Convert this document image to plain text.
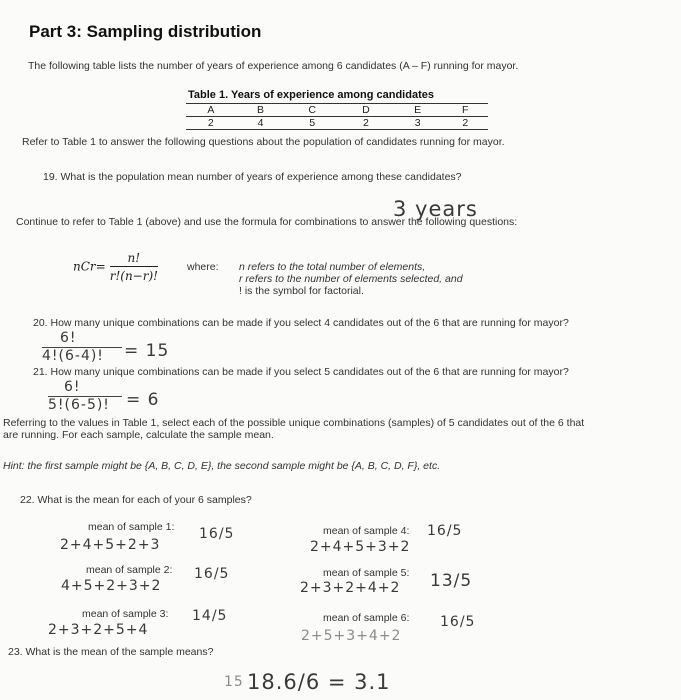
Part 3: Sampling distribution
The following table lists the number of years of experience among 6 candidates (A – F) running for mayor.
Table 1. Years of experience among candidates
A	B	C	D	E	F
2	4	5	2	3	2
Refer to Table 1 to answer the following questions about the population of candidates running for mayor.
19. What is the population mean number of years of experience among these candidates?
3 years
Continue to refer to Table 1 (above) and use the formula for combinations to answer the following questions:
$nCr= \frac{n!}{r!(n-r)!}$	where: n refers to the total number of elements,
r refers to the number of elements selected, and
! is the symbol for factorial.
20. How many unique combinations can be made if you select 4 candidates out of the 6 that are running for mayor?
6!
4!(6-4)! = 15
21. How many unique combinations can be made if you select 5 candidates out of the 6 that are running for mayor?
6!
5!(6-5)! = 6
Referring to the values in Table 1, select each of the possible unique combinations (samples) of 5 candidates out of the 6 that
are running. For each sample, calculate the sample mean.
Hint: the first sample might be {A, B, C, D, E}, the second sample might be {A, B, C, D, F}, etc.
22. What is the mean for each of your 6 samples?
mean of sample 1: 16/5
2+4+5+2+3
mean of sample 2: 16/5
4+5+2+3+2
mean of sample 3: 14/5
2+3+2+5+4
mean of sample 4: 16/5
2+4+5+3+2
mean of sample 5: 13/5
2+3+2+4+2
mean of sample 6: 16/5
2+5+3+4+2
23. What is the mean of the sample means?
15 18.6/6 = 3.1
